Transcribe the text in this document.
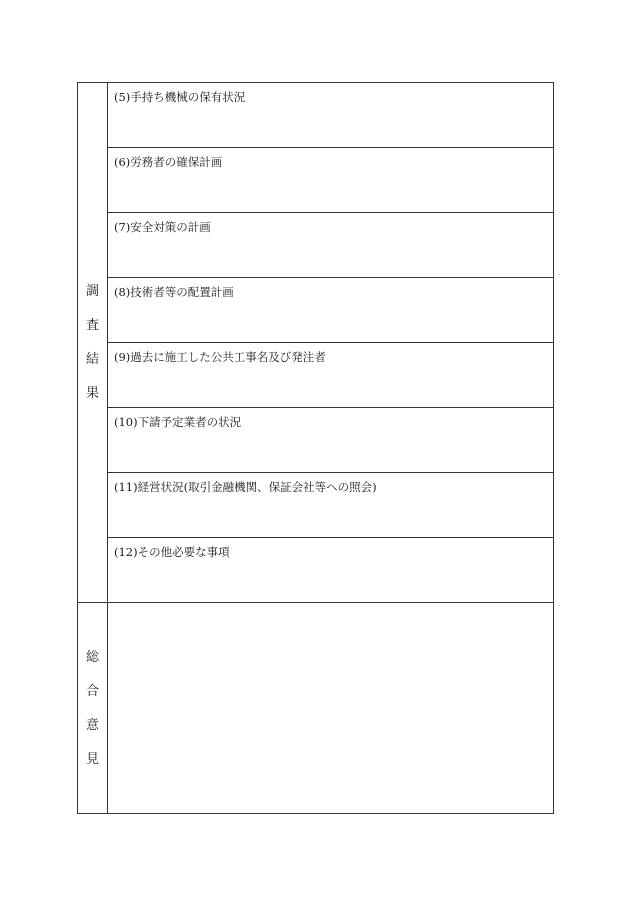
調
査
結
果	(5)手持ち機械の保有状況

	(6)労務者の確保計画

	(7)安全対策の計画

	(8)技術者等の配置計画

	(9)過去に施工した公共工事名及び発注者

	(10)下請予定業者の状況

	(11)経営状況(取引金融機関、保証会社等への照会)

	(12)その他必要な事項

総
合
意
見	
